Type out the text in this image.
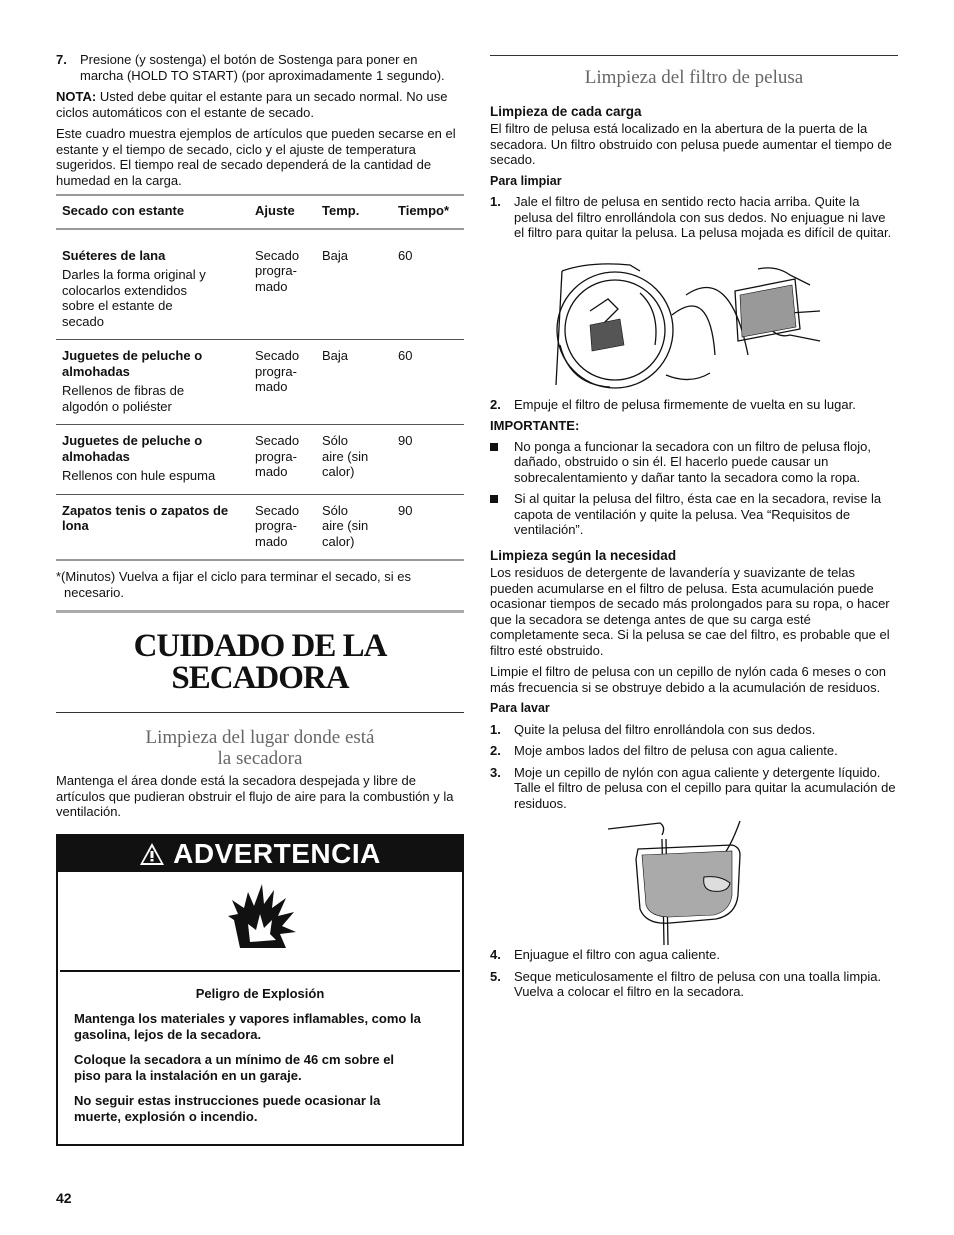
7.	Presione (y sostenga) el botón de Sostenga para poner en marcha (HOLD TO START) (por aproximadamente 1 segundo).

NOTA: Usted debe quitar el estante para un secado normal. No use ciclos automáticos con el estante de secado.

Este cuadro muestra ejemplos de artículos que pueden secarse en el estante y el tiempo de secado, ciclo y el ajuste de temperatura sugeridos. El tiempo real de secado dependerá de la cantidad de humedad en la carga.

Secado con estante	Ajuste	Temp.	Tiempo*

Suéteres de lana
Darles la forma original y colocarlos extendidos sobre el estante de secado	Secado progra-mado	Baja	60

Juguetes de peluche o almohadas
Rellenos de fibras de algodón o poliéster	Secado progra-mado	Baja	60

Juguetes de peluche o almohadas
Rellenos con hule espuma	Secado progra-mado	Sólo aire (sin calor)	90

Zapatos tenis o zapatos de lona	Secado progra-mado	Sólo aire (sin calor)	90

*(Minutos) Vuelva a fijar el ciclo para terminar el secado, si es necesario.

CUIDADO DE LA
SECADORA
Limpieza del lugar donde está
la secadora

Mantenga el área donde está la secadora despejada y libre de artículos que pudieran obstruir el flujo de aire para la combustión y la ventilación.

ADVERTENCIA

Peligro de Explosión

Mantenga los materiales y vapores inflamables, como la gasolina, lejos de la secadora.

Coloque la secadora a un mínimo de 46 cm sobre el piso para la instalación en un garaje.

No seguir estas instrucciones puede ocasionar la muerte, explosión o incendio.

Limpieza del filtro de pelusa
Limpieza de cada carga

El filtro de pelusa está localizado en la abertura de la puerta de la secadora. Un filtro obstruido con pelusa puede aumentar el tiempo de secado.

Para limpiar
1.	Jale el filtro de pelusa en sentido recto hacia arriba. Quite la pelusa del filtro enrollándola con sus dedos. No enjuague ni lave el filtro para quitar la pelusa. La pelusa mojada es difícil de quitar.
2.	Empuje el filtro de pelusa firmemente de vuelta en su lugar.
IMPORTANTE:
No ponga a funcionar la secadora con un filtro de pelusa flojo, dañado, obstruido o sin él. El hacerlo puede causar un sobrecalentamiento y dañar tanto la secadora como la ropa.
Si al quitar la pelusa del filtro, ésta cae en la secadora, revise la capota de ventilación y quite la pelusa. Vea “Requisitos de ventilación”.
Limpieza según la necesidad

Los residuos de detergente de lavandería y suavizante de telas pueden acumularse en el filtro de pelusa. Esta acumulación puede ocasionar tiempos de secado más prolongados para su ropa, o hacer que la secadora se detenga antes de que su carga esté completamente seca. Si la pelusa se cae del filtro, es probable que el filtro esté obstruido.

Limpie el filtro de pelusa con un cepillo de nylón cada 6 meses o con más frecuencia si se obstruye debido a la acumulación de residuos.

Para lavar
1.	Quite la pelusa del filtro enrollándola con sus dedos.
2.	Moje ambos lados del filtro de pelusa con agua caliente.
3.	Moje un cepillo de nylón con agua caliente y detergente líquido. Talle el filtro de pelusa con el cepillo para quitar la acumulación de residuos.
4.	Enjuague el filtro con agua caliente.
5.	Seque meticulosamente el filtro de pelusa con una toalla limpia. Vuelva a colocar el filtro en la secadora.
42
